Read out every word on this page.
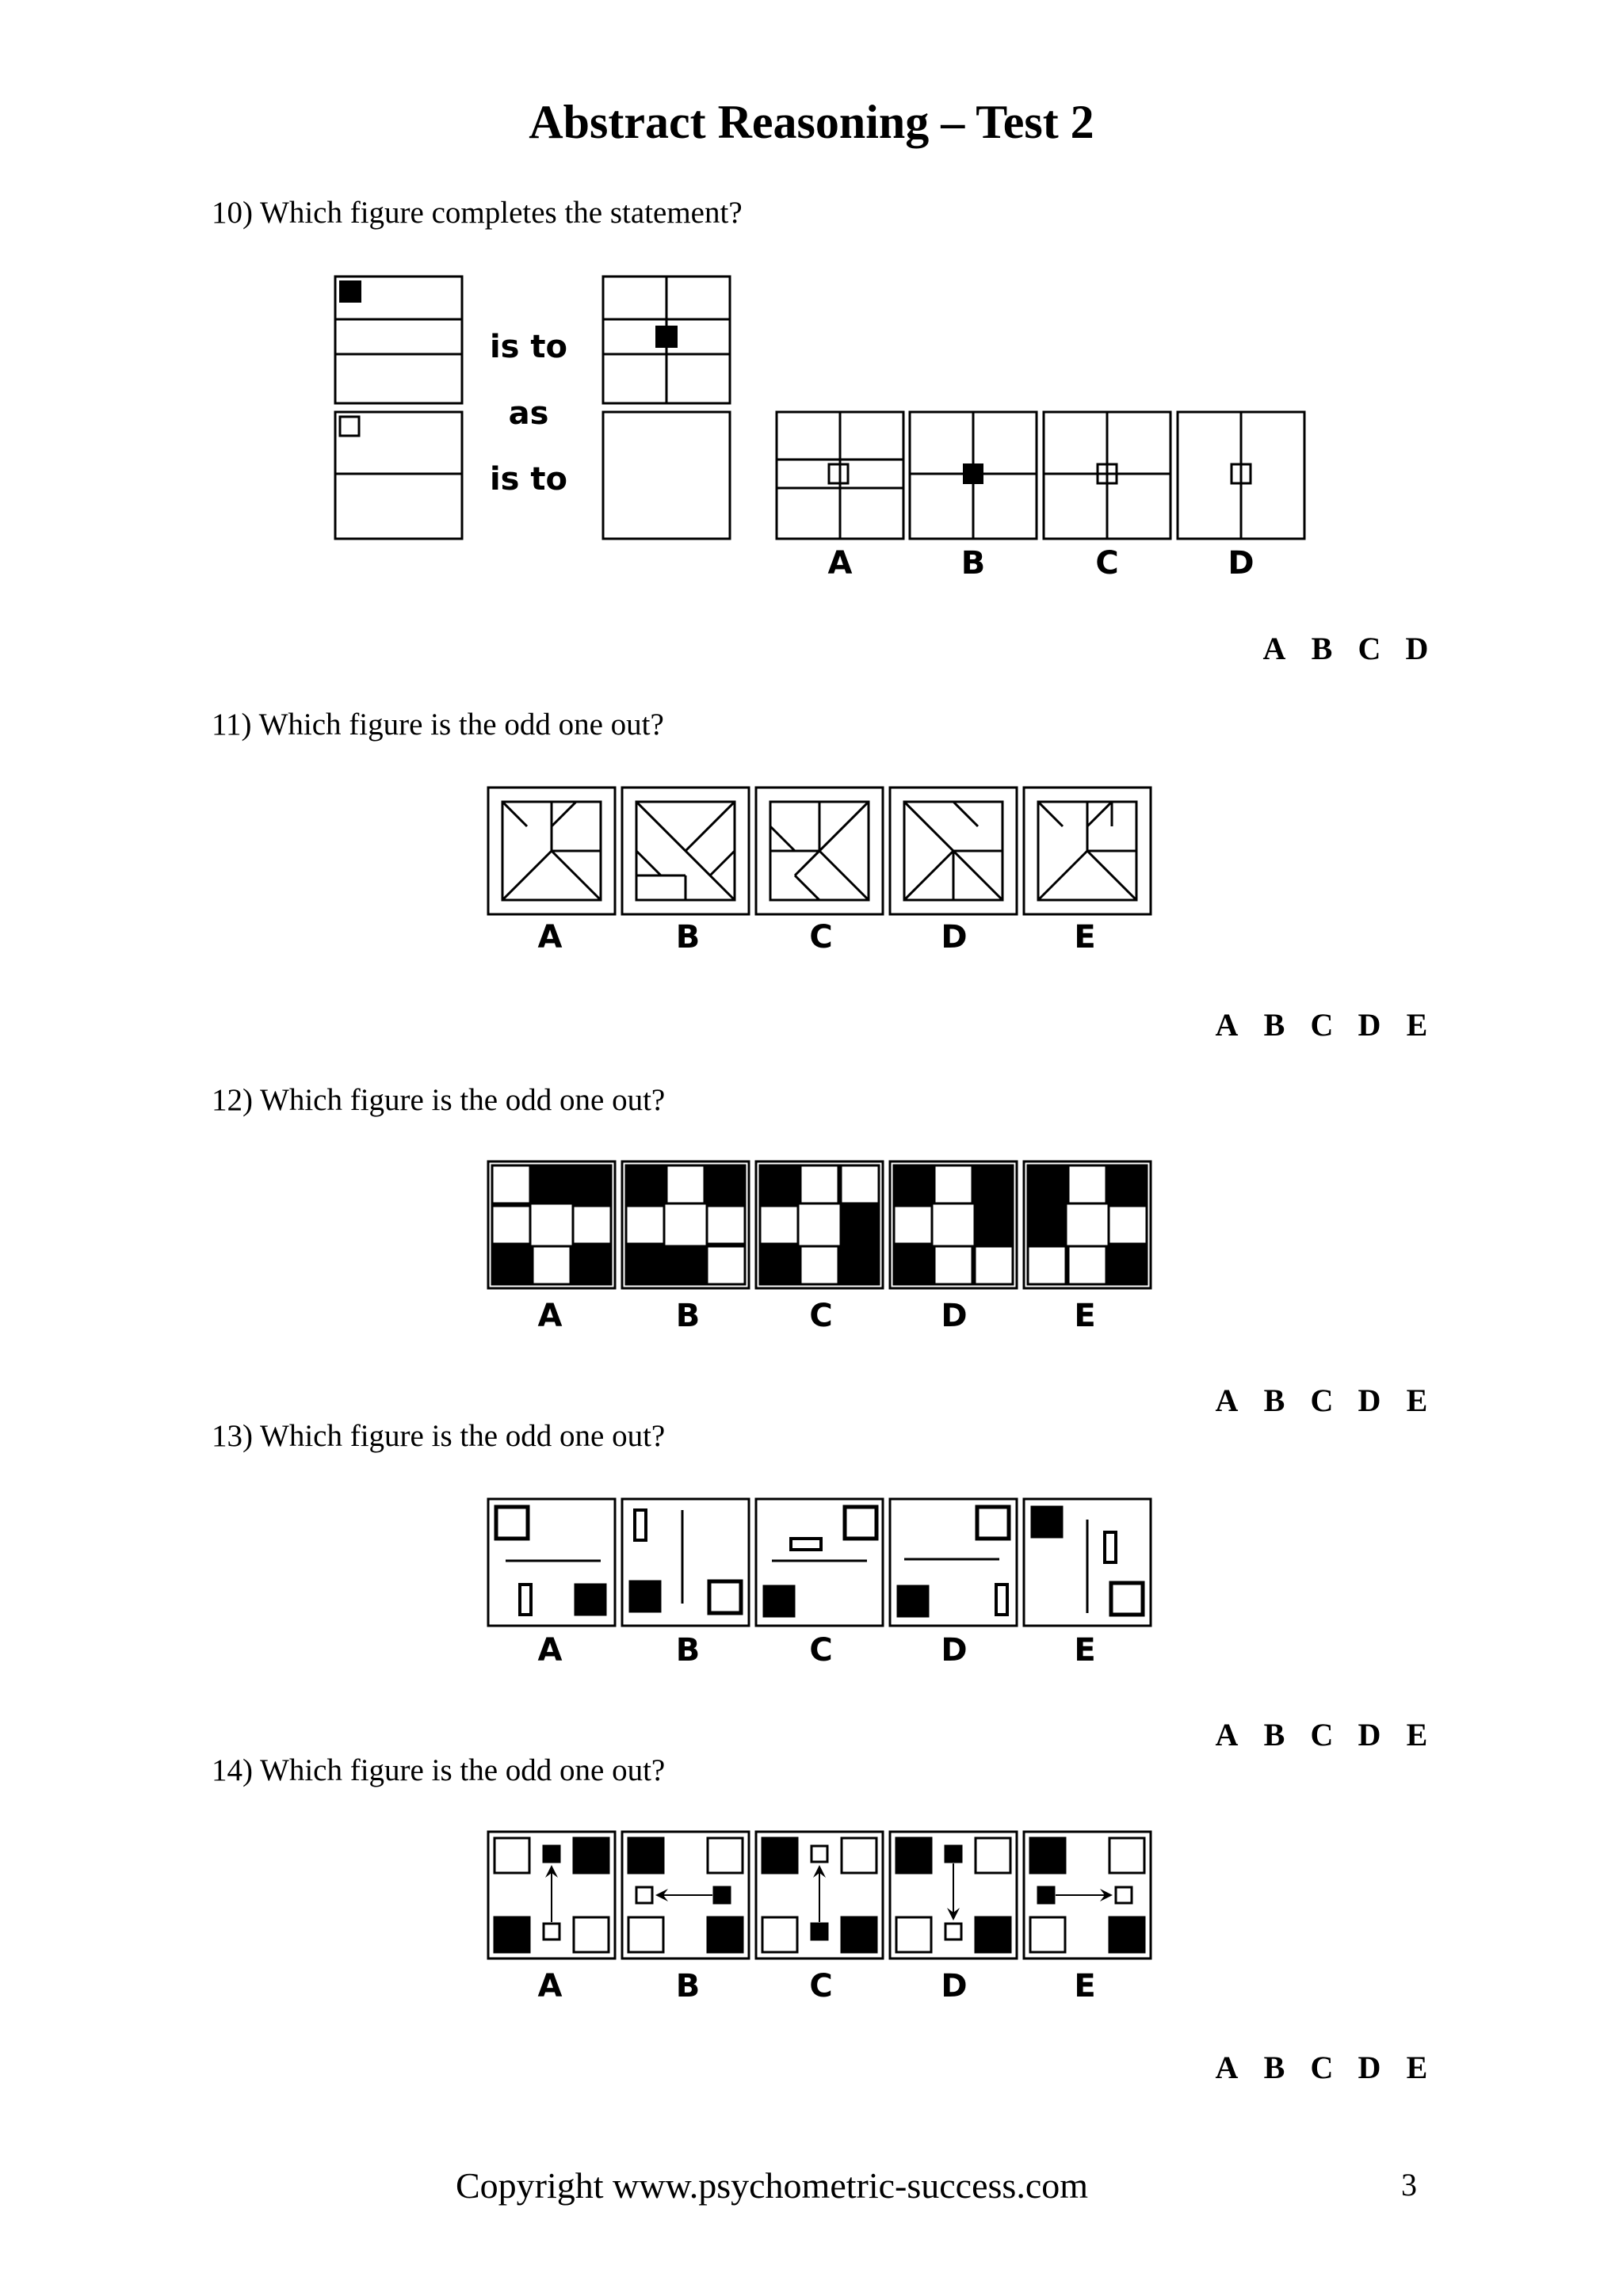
Abstract Reasoning – Test 2
10) Which figure completes the statement?
is to
as
is to
A	B	C	D
A B C D
11) Which figure is the odd one out?
A	B	C	D	E
A B C D E
12) Which figure is the odd one out?
A	B	C	D	E
A B C D E
13) Which figure is the odd one out?
A	B	C	D	E
A B C D E
14) Which figure is the odd one out?
A	B	C	D	E
A B C D E
Copyright www.psychometric-success.com	3
